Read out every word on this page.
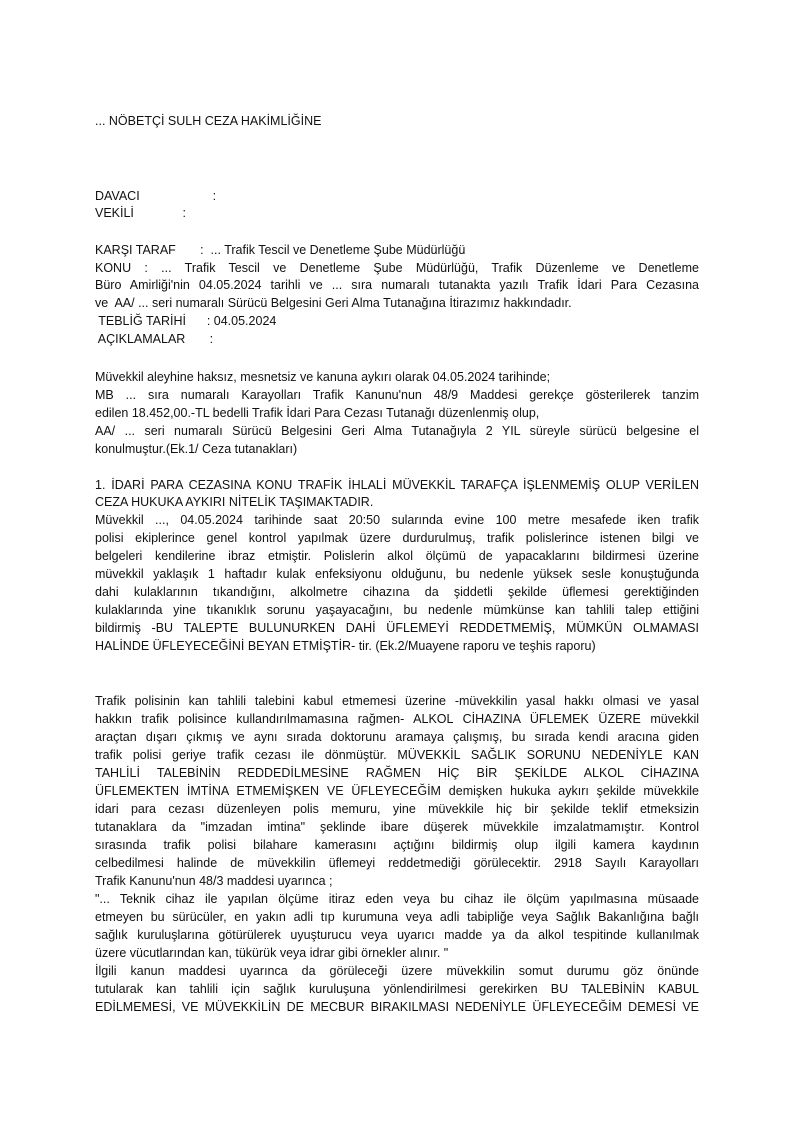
... NÖBETÇİ SULH CEZA HAKİMLİĞİNE
DAVACI                     :
VEKİLİ              :
KARŞI TARAF       :  ... Trafik Tescil ve Denetleme Şube Müdürlüğü
KONU : ... Trafik Tescil ve Denetleme Şube Müdürlüğü, Trafik Düzenleme ve Denetleme
Büro Amirliği'nin 04.05.2024 tarihli ve ... sıra numaralı tutanakta yazılı Trafik İdari Para Cezasına
ve  AA/ ... seri numaralı Sürücü Belgesini Geri Alma Tutanağına İtirazımız hakkındadır.
TEBLİĞ TARİHİ      : 04.05.2024
AÇIKLAMALAR       :
Müvekkil aleyhine haksız, mesnetsiz ve kanuna aykırı olarak 04.05.2024 tarihinde;
MB ... sıra numaralı Karayolları Trafik Kanunu'nun 48/9 Maddesi gerekçe gösterilerek tanzim
edilen 18.452,00.-TL bedelli Trafik İdari Para Cezası Tutanağı düzenlenmiş olup,
AA/ ... seri numaralı Sürücü Belgesini Geri Alma Tutanağıyla 2 YIL süreyle sürücü belgesine el
konulmuştur.(Ek.1/ Ceza tutanakları)
1. İDARİ PARA CEZASINA KONU TRAFİK İHLALİ MÜVEKKİL TARAFÇA İŞLENMEMİŞ OLUP VERİLEN
CEZA HUKUKA AYKIRI NİTELİK TAŞIMAKTADIR.
Müvekkil ..., 04.05.2024 tarihinde saat 20:50 sularında evine 100 metre mesafede iken trafik
polisi ekiplerince genel kontrol yapılmak üzere durdurulmuş, trafik polislerince istenen bilgi ve
belgeleri kendilerine ibraz etmiştir. Polislerin alkol ölçümü de yapacaklarını bildirmesi üzerine
müvekkil yaklaşık 1 haftadır kulak enfeksiyonu olduğunu, bu nedenle yüksek sesle konuştuğunda
dahi kulaklarının tıkandığını, alkolmetre cihazına da şiddetli şekilde üflemesi gerektiğinden
kulaklarında yine tıkanıklık sorunu yaşayacağını, bu nedenle mümkünse kan tahlili talep ettiğini
bildirmiş -BU TALEPTE BULUNURKEN DAHİ ÜFLEMEYİ REDDETMEMİŞ, MÜMKÜN OLMAMASI
HALİNDE ÜFLEYECEĞİNİ BEYAN ETMİŞTİR- tir. (Ek.2/Muayene raporu ve teşhis raporu)
Trafik polisinin kan tahlili talebini kabul etmemesi üzerine -müvekkilin yasal hakkı olmasi ve yasal
hakkın trafik polisince kullandırılmamasına rağmen- ALKOL CİHAZINA ÜFLEMEK ÜZERE müvekkil
araçtan dışarı çıkmış ve aynı sırada doktorunu aramaya çalışmış, bu sırada kendi aracına giden
trafik polisi geriye trafik cezası ile dönmüştür. MÜVEKKİL SAĞLIK SORUNU NEDENİYLE KAN
TAHLİLİ TALEBİNİN REDDEDİLMESİNE RAĞMEN HİÇ BİR ŞEKİLDE ALKOL CİHAZINA
ÜFLEMEKTEN İMTİNA ETMEMİŞKEN VE ÜFLEYECEĞİM demişken hukuka aykırı şekilde müvekkile
idari para cezası düzenleyen polis memuru, yine müvekkile hiç bir şekilde teklif etmeksizin
tutanaklara da "imzadan imtina" şeklinde ibare düşerek müvekkile imzalatmamıştır. Kontrol
sırasında trafik polisi bilahare kamerasını açtığını bildirmiş olup ilgili kamera kaydının
celbedilmesi halinde de müvekkilin üflemeyi reddetmediği görülecektir. 2918 Sayılı Karayolları
Trafik Kanunu'nun 48/3 maddesi uyarınca ;
"... Teknik cihaz ile yapılan ölçüme itiraz eden veya bu cihaz ile ölçüm yapılmasına müsaade
etmeyen bu sürücüler, en yakın adli tıp kurumuna veya adli tabipliğe veya Sağlık Bakanlığına bağlı
sağlık kuruluşlarına götürülerek uyuşturucu veya uyarıcı madde ya da alkol tespitinde kullanılmak
üzere vücutlarından kan, tükürük veya idrar gibi örnekler alınır. "
İlgili kanun maddesi uyarınca da görüleceği üzere müvekkilin somut durumu göz önünde
tutularak kan tahlili için sağlık kuruluşuna yönlendirilmesi gerekirken BU TALEBİNİN KABUL
EDİLMEMESİ, VE MÜVEKKİLİN DE MECBUR BIRAKILMASI NEDENİYLE ÜFLEYECEĞİM DEMESİ VE
